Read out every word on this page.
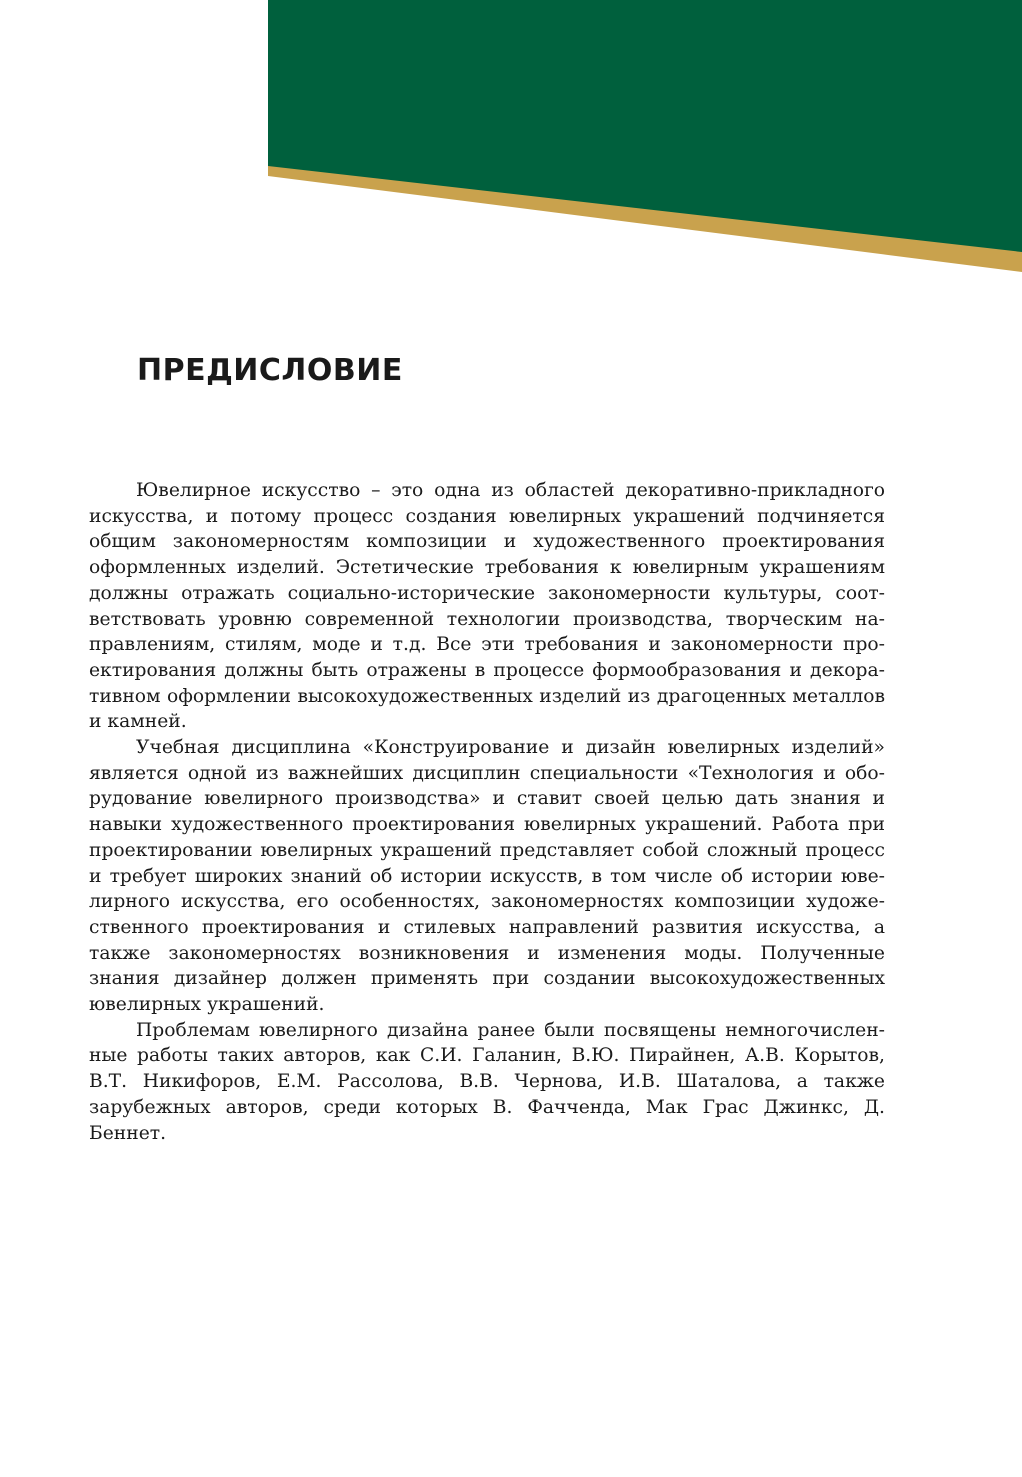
ПРЕДИСЛОВИЕ

Ювелирное искусство – это одна из областей декоративно-прикладного искусства, и потому процесс создания ювелирных украшений подчиняется общим закономерностям композиции и художественного проектирования оформленных изделий. Эстетические требования к ювелирным украшениям должны отражать социально-исторические закономерности культуры, соответствовать уровню современной технологии производства, творческим направлениям, стилям, моде и т.д. Все эти требования и закономерности проектирования должны быть отражены в процессе формообразования и декоративном оформлении высокохудожественных изделий из драгоценных металлов и камней.

Учебная дисциплина «Конструирование и дизайн ювелирных изделий» является одной из важнейших дисциплин специальности «Технология и оборудование ювелирного производства» и ставит своей целью дать знания и навыки художественного проектирования ювелирных украшений. Работа при проектировании ювелирных украшений представляет собой сложный процесс и требует широких знаний об истории искусств, в том числе об истории ювелирного искусства, его особенностях, закономерностях композиции художественного проектирования и стилевых направлений развития искусства, а также закономерностях возникновения и изменения моды. Полученные знания дизайнер должен применять при создании высокохудожественных ювелирных украшений.

Проблемам ювелирного дизайна ранее были посвящены немногочисленные работы таких авторов, как С.И. Галанин, В.Ю. Пирайнен, А.В. Корытов, В.Т. Никифоров, Е.М. Рассолова, В.В. Чернова, И.В. Шаталова, а также зарубежных авторов, среди которых В. Фачченда, Мак Грас Джинкс, Д. Беннет.
